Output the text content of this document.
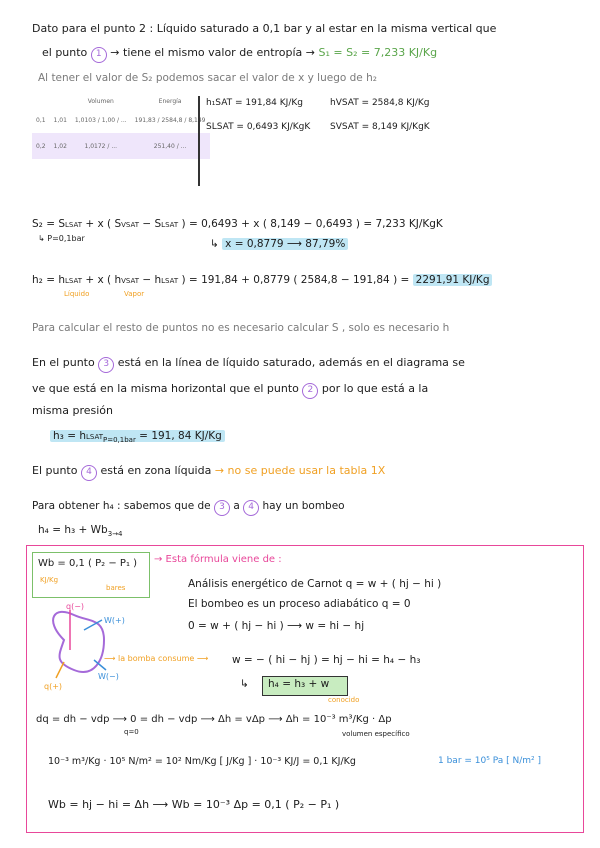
Dato para el punto 2 : Líquido saturado a 0,1 bar y al estar en la misma vertical que
el punto 1 → tiene el mismo valor de entropía → S₁ = S₂ = 7,233 KJ/Kg
Al tener el valor de S₂ podemos sacar el valor de x y luego de h₂
		Volumen	Energía
0,1	1,01	1,0103 / 1,00 / ...	191,83 / 2584,8 / 8,149
0,2	1,02	1,0172 / ...	251,40 / ...
h₁SAT = 191,84 KJ/Kg	hVSAT = 2584,8 KJ/Kg
SLSAT = 0,6493 KJ/KgK SVSAT = 8,149 KJ/KgK
S₂ = SLSAT + x ( SVSAT − SLSAT ) = 0,6493 + x ( 8,149 − 0,6493 ) = 7,233 KJ/KgK
↳ P=0,1bar	↳ x = 0,8779 ⟶ 87,79%
h₂ = hLSAT + x ( hVSAT − hLSAT ) = 191,84 + 0,8779 ( 2584,8 − 191,84 ) = 2291,91 KJ/Kg
Líquido	Vapor
Para calcular el resto de puntos no es necesario calcular S , solo es necesario h
En el punto 3 está en la línea de líquido saturado, además en el diagrama se
ve que está en la misma horizontal que el punto 2 por lo que está a la
misma presión
h₃ = hLSAT$_{P=0,1bar}$ = 191, 84 KJ/Kg
El punto 4 está en zona líquida → no se puede usar la tabla 1X
Para obtener h₄ : sabemos que de 3 a 4 hay un bombeo
$h_4 = h_3 + Wb_{3\to 4}$
Wb = 0,1 ( P₂ − P₁ )
KJ/Kg
bares
→ Esta fórmula viene de :
Análisis energético de Carnot q = w + ( hj − hi )
El bombeo es un proceso adiabático q = 0
0 = w + ( hj − hi ) ⟶ w = hi − hj
q(−)
W(+)
W(−)
q(+)
⟶ la bomba consume ⟶ w = − ( hi − hj ) = hj − hi = h₄ − h₃
↳ h₄ = h₃ + w
conocido
dq = dh − vdp ⟶ 0 = dh − vdp ⟶ Δh = vΔp ⟶ Δh = 10⁻³ m³/Kg · Δp
q=0	volumen específico
10⁻³ m³/Kg · 10⁵ N/m² = 10² Nm/Kg [ J/Kg ] · 10⁻³ KJ/J = 0,1 KJ/Kg	1 bar = 10⁵ Pa [ N/m² ]
Wb = hj − hi = Δh ⟶ Wb = 10⁻³ Δp = 0,1 ( P₂ − P₁ )
